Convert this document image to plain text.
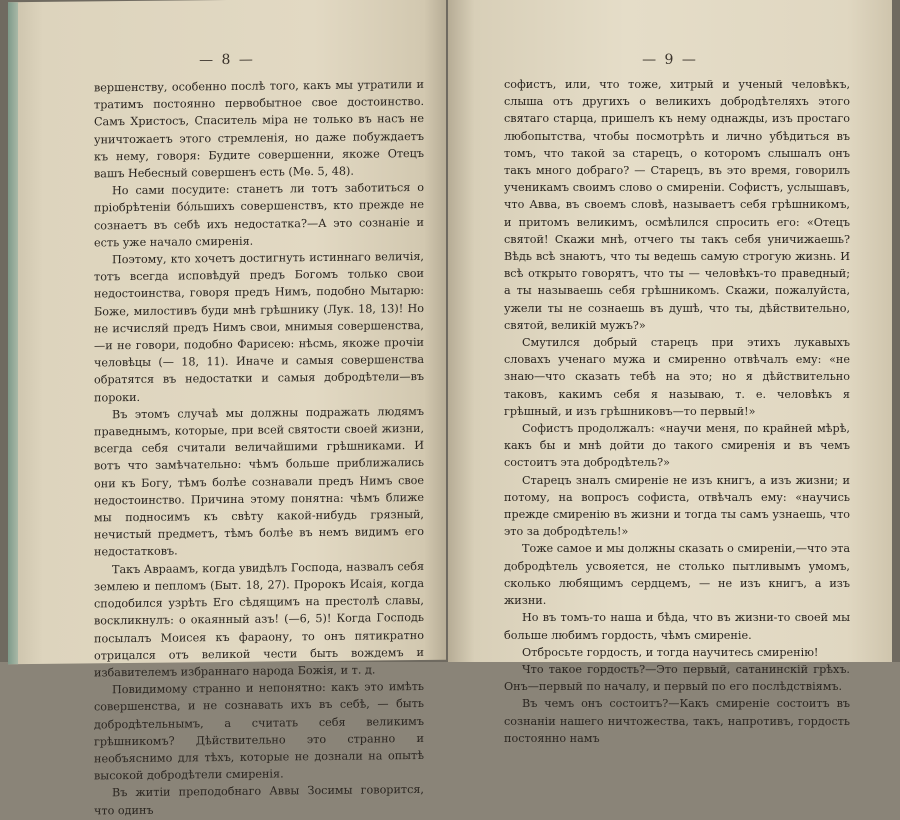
— 8 —

вершенству, особенно послѣ того, какъ мы утратили и тратимъ постоянно первобытное свое достоинство. Самъ Христосъ, Спаситель міра не только въ насъ не уничтожаетъ этого стремленія, но даже побуждаетъ къ нему, говоря: Будите совершенни, якоже Отецъ вашъ Небесный совершенъ есть (Мѳ. 5, 48).

Но сами посудите: станетъ ли тотъ заботиться о пріобрѣтеніи бóльшихъ совершенствъ, кто прежде не сознаетъ въ себѣ ихъ недостатка?—А это сознаніе и есть уже начало смиренія.

Поэтому, кто хочетъ достигнуть истиннаго величія, тотъ всегда исповѣдуй предъ Богомъ только свои недостоинства, говоря предъ Нимъ, подобно Мытарю: Боже, милостивъ буди мнѣ грѣшнику (Лук. 18, 13)! Но не исчисляй предъ Нимъ свои, мнимыя совершенства,—и не говори, подобно Фарисею: нѣсмь, якоже прочіи человѣцы (— 18, 11). Иначе и самыя совершенства обратятся въ недостатки и самыя добродѣтели—въ пороки.

Въ этомъ случаѣ мы должны подражать людямъ праведнымъ, которые, при всей святости своей жизни, всегда себя считали величайшими грѣшниками. И вотъ что замѣчательно: чѣмъ больше приближались они къ Богу, тѣмъ болѣе сознавали предъ Нимъ свое недостоинство. Причина этому понятна: чѣмъ ближе мы подносимъ къ свѣту какой-нибудь грязный, нечистый предметъ, тѣмъ болѣе въ немъ видимъ его недостатковъ.

Такъ Авраамъ, когда увидѣлъ Господа, назвалъ себя землею и пепломъ (Быт. 18, 27). Пророкъ Исаія, когда сподобился узрѣть Его сѣдящимъ на престолѣ славы, воскликнулъ: о окаянный азъ! (—6, 5)! Когда Господь посылалъ Моисея къ фараону, то онъ пятикратно отрицался отъ великой чести быть вождемъ и избавителемъ избраннаго народа Божія, и т. д.

Повидимому странно и непонятно: какъ это имѣть совершенства, и не сознавать ихъ въ себѣ, — быть добродѣтельнымъ, а считать себя великимъ грѣшникомъ? Дѣйствительно это странно и необъяснимо для тѣхъ, которые не дознали на опытѣ высокой добродѣтели смиренія.

Въ житіи преподобнаго Аввы Зосимы говорится, что одинъ

— 9 —

софистъ, или, что тоже, хитрый и ученый человѣкъ, слыша отъ другихъ о великихъ добродѣтеляхъ этого святаго старца, пришелъ къ нему однажды, изъ простаго любопытства, чтобы посмотрѣть и лично убѣдиться въ томъ, что такой за старецъ, о которомъ слышалъ онъ такъ много добраго? — Старецъ, въ это время, говорилъ ученикамъ своимъ слово о смиреніи. Софистъ, услышавъ, что Авва, въ своемъ словѣ, называетъ себя грѣшникомъ, и притомъ великимъ, осмѣлился спросить его: «Отецъ святой! Скажи мнѣ, отчего ты такъ себя уничижаешь? Вѣдь всѣ знаютъ, что ты ведешь самую строгую жизнь. И всѣ открыто говорятъ, что ты — человѣкъ-то праведный; а ты называешь себя грѣшникомъ. Скажи, пожалуйста, ужели ты не сознаешь въ душѣ, что ты, дѣйствительно, святой, великій мужъ?»

Смутился добрый старецъ при этихъ лукавыхъ словахъ ученаго мужа и смиренно отвѣчалъ ему: «не знаю—что сказать тебѣ на это; но я дѣйствительно таковъ, какимъ себя я называю, т. е. человѣкъ я грѣшный, и изъ грѣшниковъ—то первый!»

Софистъ продолжалъ: «научи меня, по крайней мѣрѣ, какъ бы и мнѣ дойти до такого смиренія и въ чемъ состоитъ эта добродѣтель?»

Старецъ зналъ смиреніе не изъ книгъ, а изъ жизни; и потому, на вопросъ софиста, отвѣчалъ ему: «научись прежде смиренію въ жизни и тогда ты самъ узнаешь, что это за добродѣтель!»

Тоже самое и мы должны сказать о смиреніи,—что эта добродѣтель усвояется, не столько пытливымъ умомъ, сколько любящимъ сердцемъ, — не изъ книгъ, а изъ жизни.

Но въ томъ-то наша и бѣда, что въ жизни-то своей мы больше любимъ гордость, чѣмъ смиреніе.

Отбросьте гордость, и тогда научитесь смиренію!

Что такое гордость?—Это первый, сатанинскій грѣхъ. Онъ—первый по началу, и первый по его послѣдствіямъ.

Въ чемъ онъ состоитъ?—Какъ смиреніе состоитъ въ сознаніи нашего ничтожества, такъ, напротивъ, гордость постоянно намъ
